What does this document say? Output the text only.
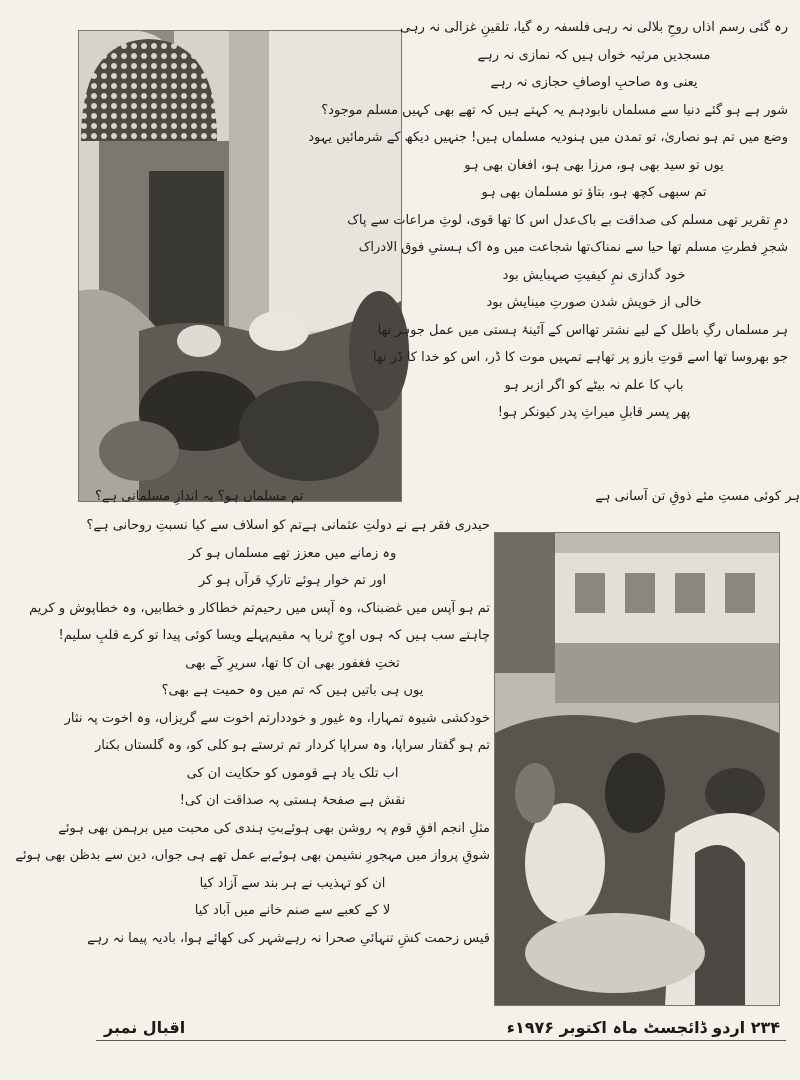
رہ گئی رسم اذاں روحِ بلالی نہ رہی
فلسفہ رہ گیا، تلقینِ غزالی نہ رہی
مسجدیں مرثیہ خواں ہیں کہ نمازی نہ رہے
یعنی وہ صاحبِ اوصافِ حجازی نہ رہے
شور ہے ہو گئے دنیا سے مسلماں نابود
ہم یہ کہتے ہیں کہ تھے بھی کہیں مسلم موجود؟
وضع میں تم ہو نصاریٰ، تو تمدن میں ہنود
یہ مسلماں ہیں! جنہیں دیکھ کے شرمائیں یہود
یوں تو سید بھی ہو، مرزا بھی ہو، افغان بھی ہو
تم سبھی کچھ ہو، بتاؤ تو مسلمان بھی ہو
دمِ تقریر تھی مسلم کی صداقت بے باک
عدل اس کا تھا قوی، لوثِ مراعات سے پاک
شجرِ فطرتِ مسلم تھا حیا سے نمناک
تھا شجاعت میں وہ اک ہستیِ فوق الادراک
خود گدازی نمِ کیفیتِ صہبایش بود
خالی از خویش شدن صورتِ مینایش بود
ہر مسلماں رگِ باطل کے لیے نشتر تھا
اس کے آئینۂ ہستی میں عمل جوہر تھا
جو بھروسا تھا اسے قوتِ بازو پر تھا
ہے تمہیں موت کا ڈر، اس کو خدا کا ڈر تھا
باپ کا علم نہ بیٹے کو اگر ازبر ہو
پھر پسر قابلِ میراثِ پدر کیونکر ہو!
ہر کوئی مستِ مئے ذوقِ تن آسانی ہے
تم مسلماں ہو؟ یہ اندازِ مسلمانی ہے؟
حیدری فقر ہے نے دولتِ عثمانی ہے
تم کو اسلاف سے کیا نسبتِ روحانی ہے؟
وہ زمانے میں معزز تھے مسلماں ہو کر
اور تم خوار ہوئے تارکِ قرآں ہو کر
تم ہو آپس میں غضبناک، وہ آپس میں رحیم
تم خطاکار و خطابیں، وہ خطاپوش و کریم
چاہتے سب ہیں کہ ہوں اوجِ ثریا پہ مقیم
پہلے ویسا کوئی پیدا تو کرے قلبِ سلیم!
تختِ فغفور بھی ان کا تھا، سریرِ کَے بھی
یوں ہی باتیں ہیں کہ تم میں وہ حمیت ہے بھی؟
خودکشی شیوہ تمہارا، وہ غیور و خوددار
تم اخوت سے گریزاں، وہ اخوت پہ نثار
تم ہو گفتار سراپا، وہ سراپا کردار
تم ترستے ہو کلی کو، وہ گلستاں بکنار
اب تلک یاد ہے قوموں کو حکایت ان کی
نقش ہے صفحۂ ہستی پہ صداقت ان کی!
مثلِ انجم افقِ قوم پہ روشن بھی ہوئے
بتِ ہندی کی محبت میں برہمن بھی ہوئے
شوقِ پرواز میں مہجورِ نشیمن بھی ہوئے
بے عمل تھے ہی جواں، دین سے بدظن بھی ہوئے
ان کو تہذیب نے ہر بند سے آزاد کیا
لا کے کعبے سے صنم خانے میں آباد کیا
قیس زحمت کشِ تنہائیِ صحرا نہ رہے
شہر کی کھائے ہوا، بادیہ پیما نہ رہے
اقبال نمبر	۲۳۴ اردو ڈائجسٹ ماہ اکتوبر ۱۹۷۶ء
